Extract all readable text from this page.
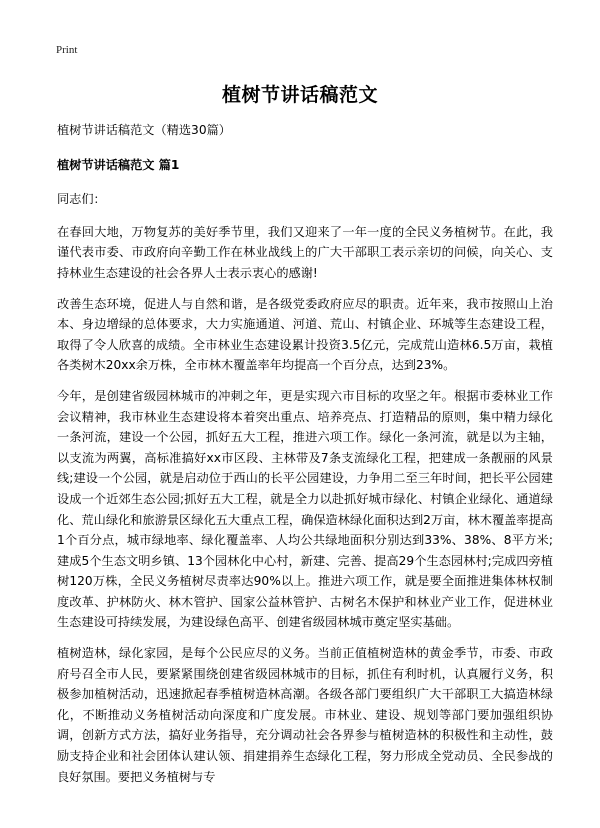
Print
植树节讲话稿范文

植树节讲话稿范文（精选30篇）

植树节讲话稿范文 篇1

同志们：

在春回大地，万物复苏的美好季节里，我们又迎来了一年一度的全民义务植树节。在此，我谨代表市委、市政府向辛勤工作在林业战线上的广大干部职工表示亲切的问候，向关心、支持林业生态建设的社会各界人士表示衷心的感谢!

改善生态环境，促进人与自然和谐，是各级党委政府应尽的职责。近年来，我市按照山上治本、身边增绿的总体要求，大力实施通道、河道、荒山、村镇企业、环城等生态建设工程，取得了令人欣喜的成绩。全市林业生态建设累计投资3.5亿元，完成荒山造林6.5万亩，栽植各类树木20xx余万株，全市林木覆盖率年均提高一个百分点，达到23%。

今年，是创建省级园林城市的冲刺之年，更是实现六市目标的攻坚之年。根据市委林业工作会议精神，我市林业生态建设将本着突出重点、培养亮点、打造精品的原则，集中精力绿化一条河流，建设一个公园，抓好五大工程，推进六项工作。绿化一条河流，就是以为主轴，以支流为两翼，高标准搞好xx市区段、主林带及7条支流绿化工程，把建成一条靓丽的风景线;建设一个公园，就是启动位于西山的长平公园建设，力争用二至三年时间，把长平公园建设成一个近郊生态公园;抓好五大工程，就是全力以赴抓好城市绿化、村镇企业绿化、通道绿化、荒山绿化和旅游景区绿化五大重点工程，确保造林绿化面积达到2万亩，林木覆盖率提高1个百分点，城市绿地率、绿化覆盖率、人均公共绿地面积分别达到33%、38%、8平方米;建成5个生态文明乡镇、13个园林化中心村，新建、完善、提高29个生态园林村;完成四旁植树120万株，全民义务植树尽责率达90%以上。推进六项工作，就是要全面推进集体林权制度改革、护林防火、林木管护、国家公益林管护、古树名木保护和林业产业工作，促进林业生态建设可持续发展，为建设绿色高平、创建省级园林城市奠定坚实基础。

植树造林，绿化家园，是每个公民应尽的义务。当前正值植树造林的黄金季节，市委、市政府号召全市人民，要紧紧围绕创建省级园林城市的目标，抓住有利时机，认真履行义务，积极参加植树活动，迅速掀起春季植树造林高潮。各级各部门要组织广大干部职工大搞造林绿化，不断推动义务植树活动向深度和广度发展。市林业、建设、规划等部门要加强组织协调，创新方式方法，搞好业务指导，充分调动社会各界参与植树造林的积极性和主动性，鼓励支持企业和社会团体认建认领、捐建捐养生态绿化工程，努力形成全党动员、全民参战的良好氛围。要把义务植树与专
